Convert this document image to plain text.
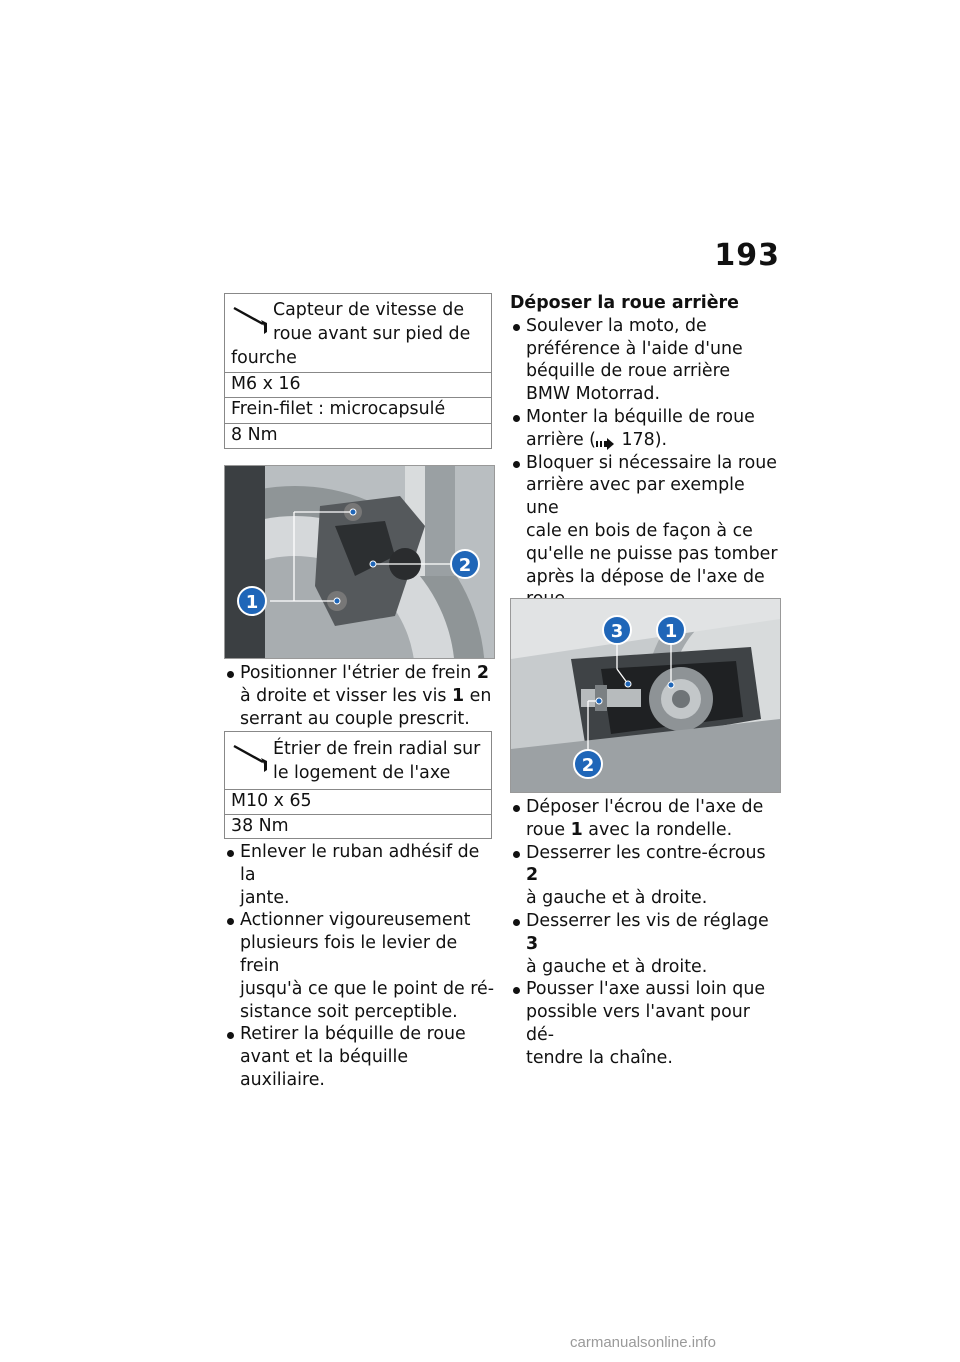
193
Capteur de vitesse de
roue avant sur pied de
fourche
M6 x 16
Frein-filet : microcapsulé
8 Nm
1
2
Positionner l'étrier de frein 2
à droite et visser les vis 1 en
serrant au couple prescrit.
Étrier de frein radial sur
le logement de l'axe
M10 x 65
38 Nm
Enlever le ruban adhésif de la
jante.
Actionner vigoureusement
plusieurs fois le levier de frein
jusqu'à ce que le point de ré-
sistance soit perceptible.
Retirer la béquille de roue
avant et la béquille auxiliaire.
Déposer la roue arrière
Soulever la moto, de
préférence à l'aide d'une
béquille de roue arrière
BMW Motorrad.
Monter la béquille de roue
arrière ( 178).
Bloquer si nécessaire la roue
arrière avec par exemple une
cale en bois de façon à ce
qu'elle ne puisse pas tomber
après la dépose de l'axe de
3	1
2
Déposer l'écrou de l'axe de
roue 1 avec la rondelle.
Desserrer les contre-écrous 2
à gauche et à droite.
Desserrer les vis de réglage 3
à gauche et à droite.
Pousser l'axe aussi loin que
possible vers l'avant pour dé-
tendre la chaîne.
carmanualsonline.info
